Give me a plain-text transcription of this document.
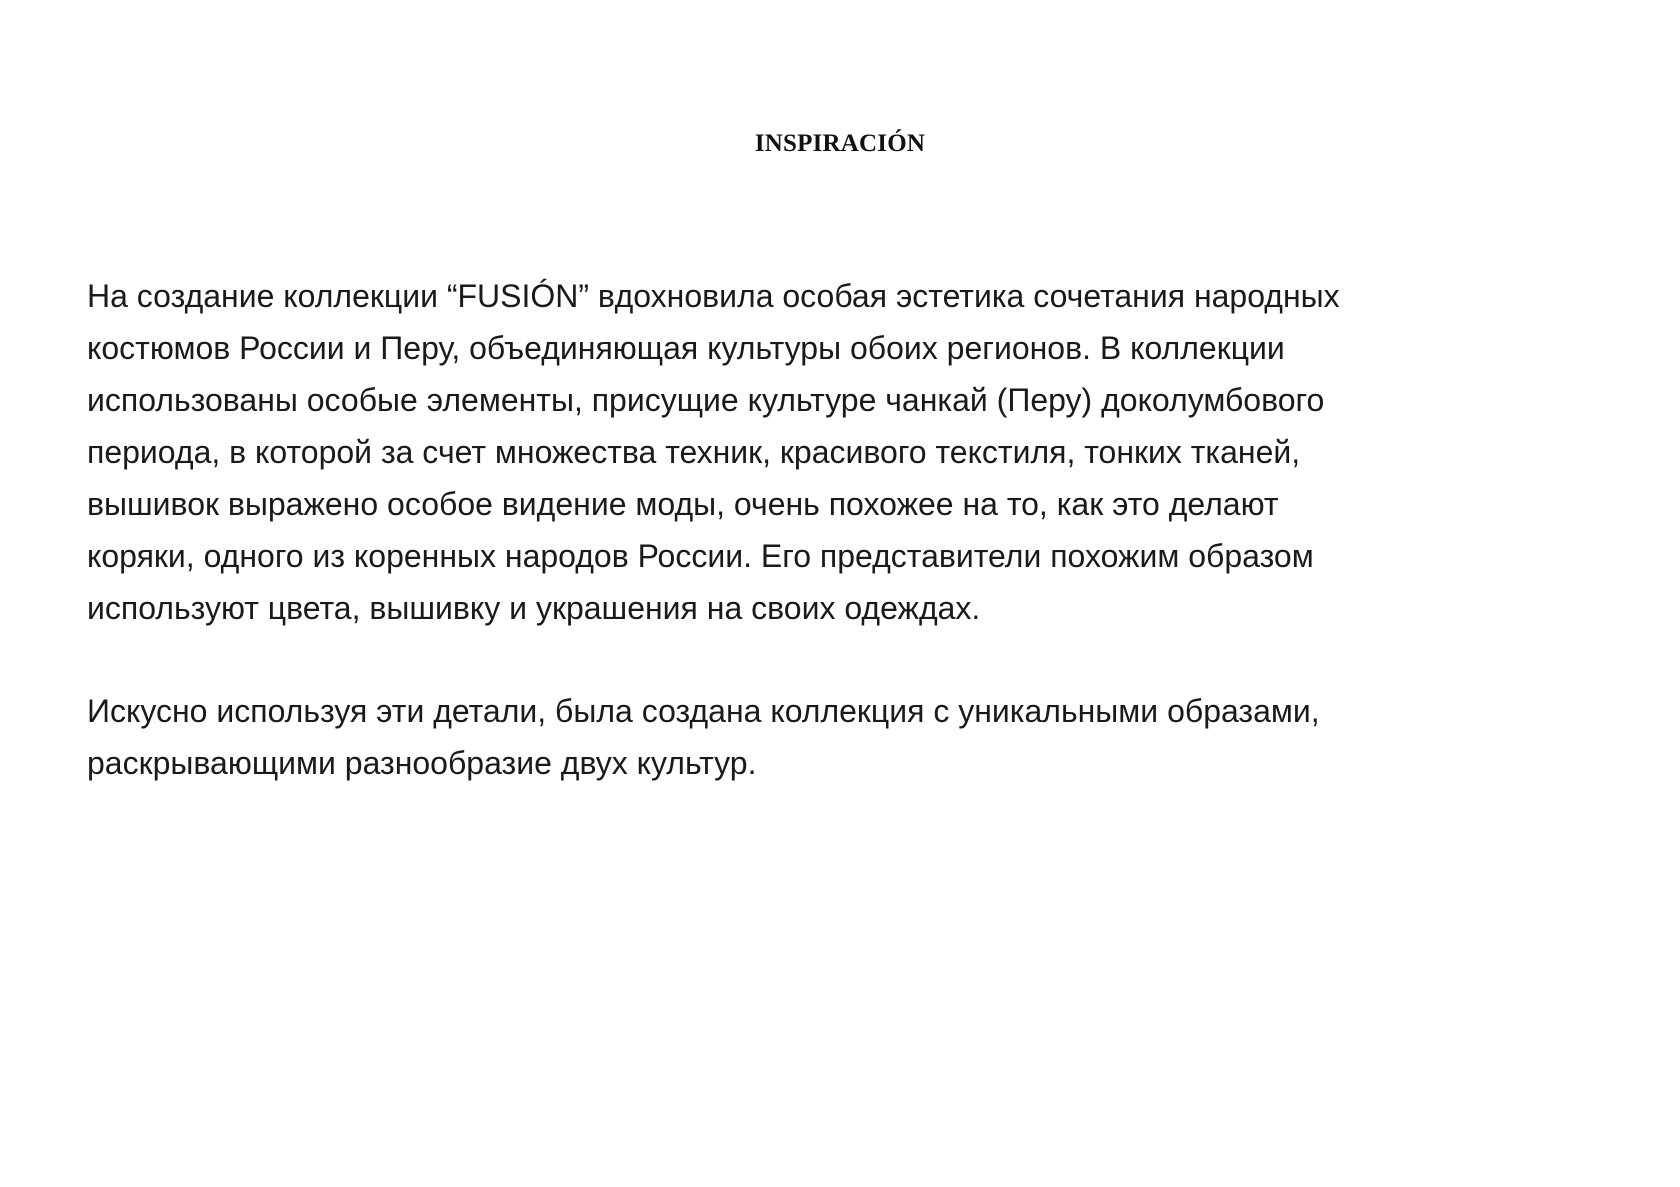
INSPIRACIÓN

На создание коллекции “FUSIÓN” вдохновила особая эстетика сочетания народных
костюмов России и Перу, объединяющая культуры обоих регионов. В коллекции
использованы особые элементы, присущие культуре чанкай (Перу) доколумбового
периода, в которой за счет множества техник, красивого текстиля, тонких тканей,
вышивок выражено особое видение моды, очень похожее на то, как это делают
коряки, одного из коренных народов России. Его представители похожим образом
используют цвета, вышивку и украшения на своих одеждах.

Искусно используя эти детали, была создана коллекция с уникальными образами,
раскрывающими разнообразие двух культур.
